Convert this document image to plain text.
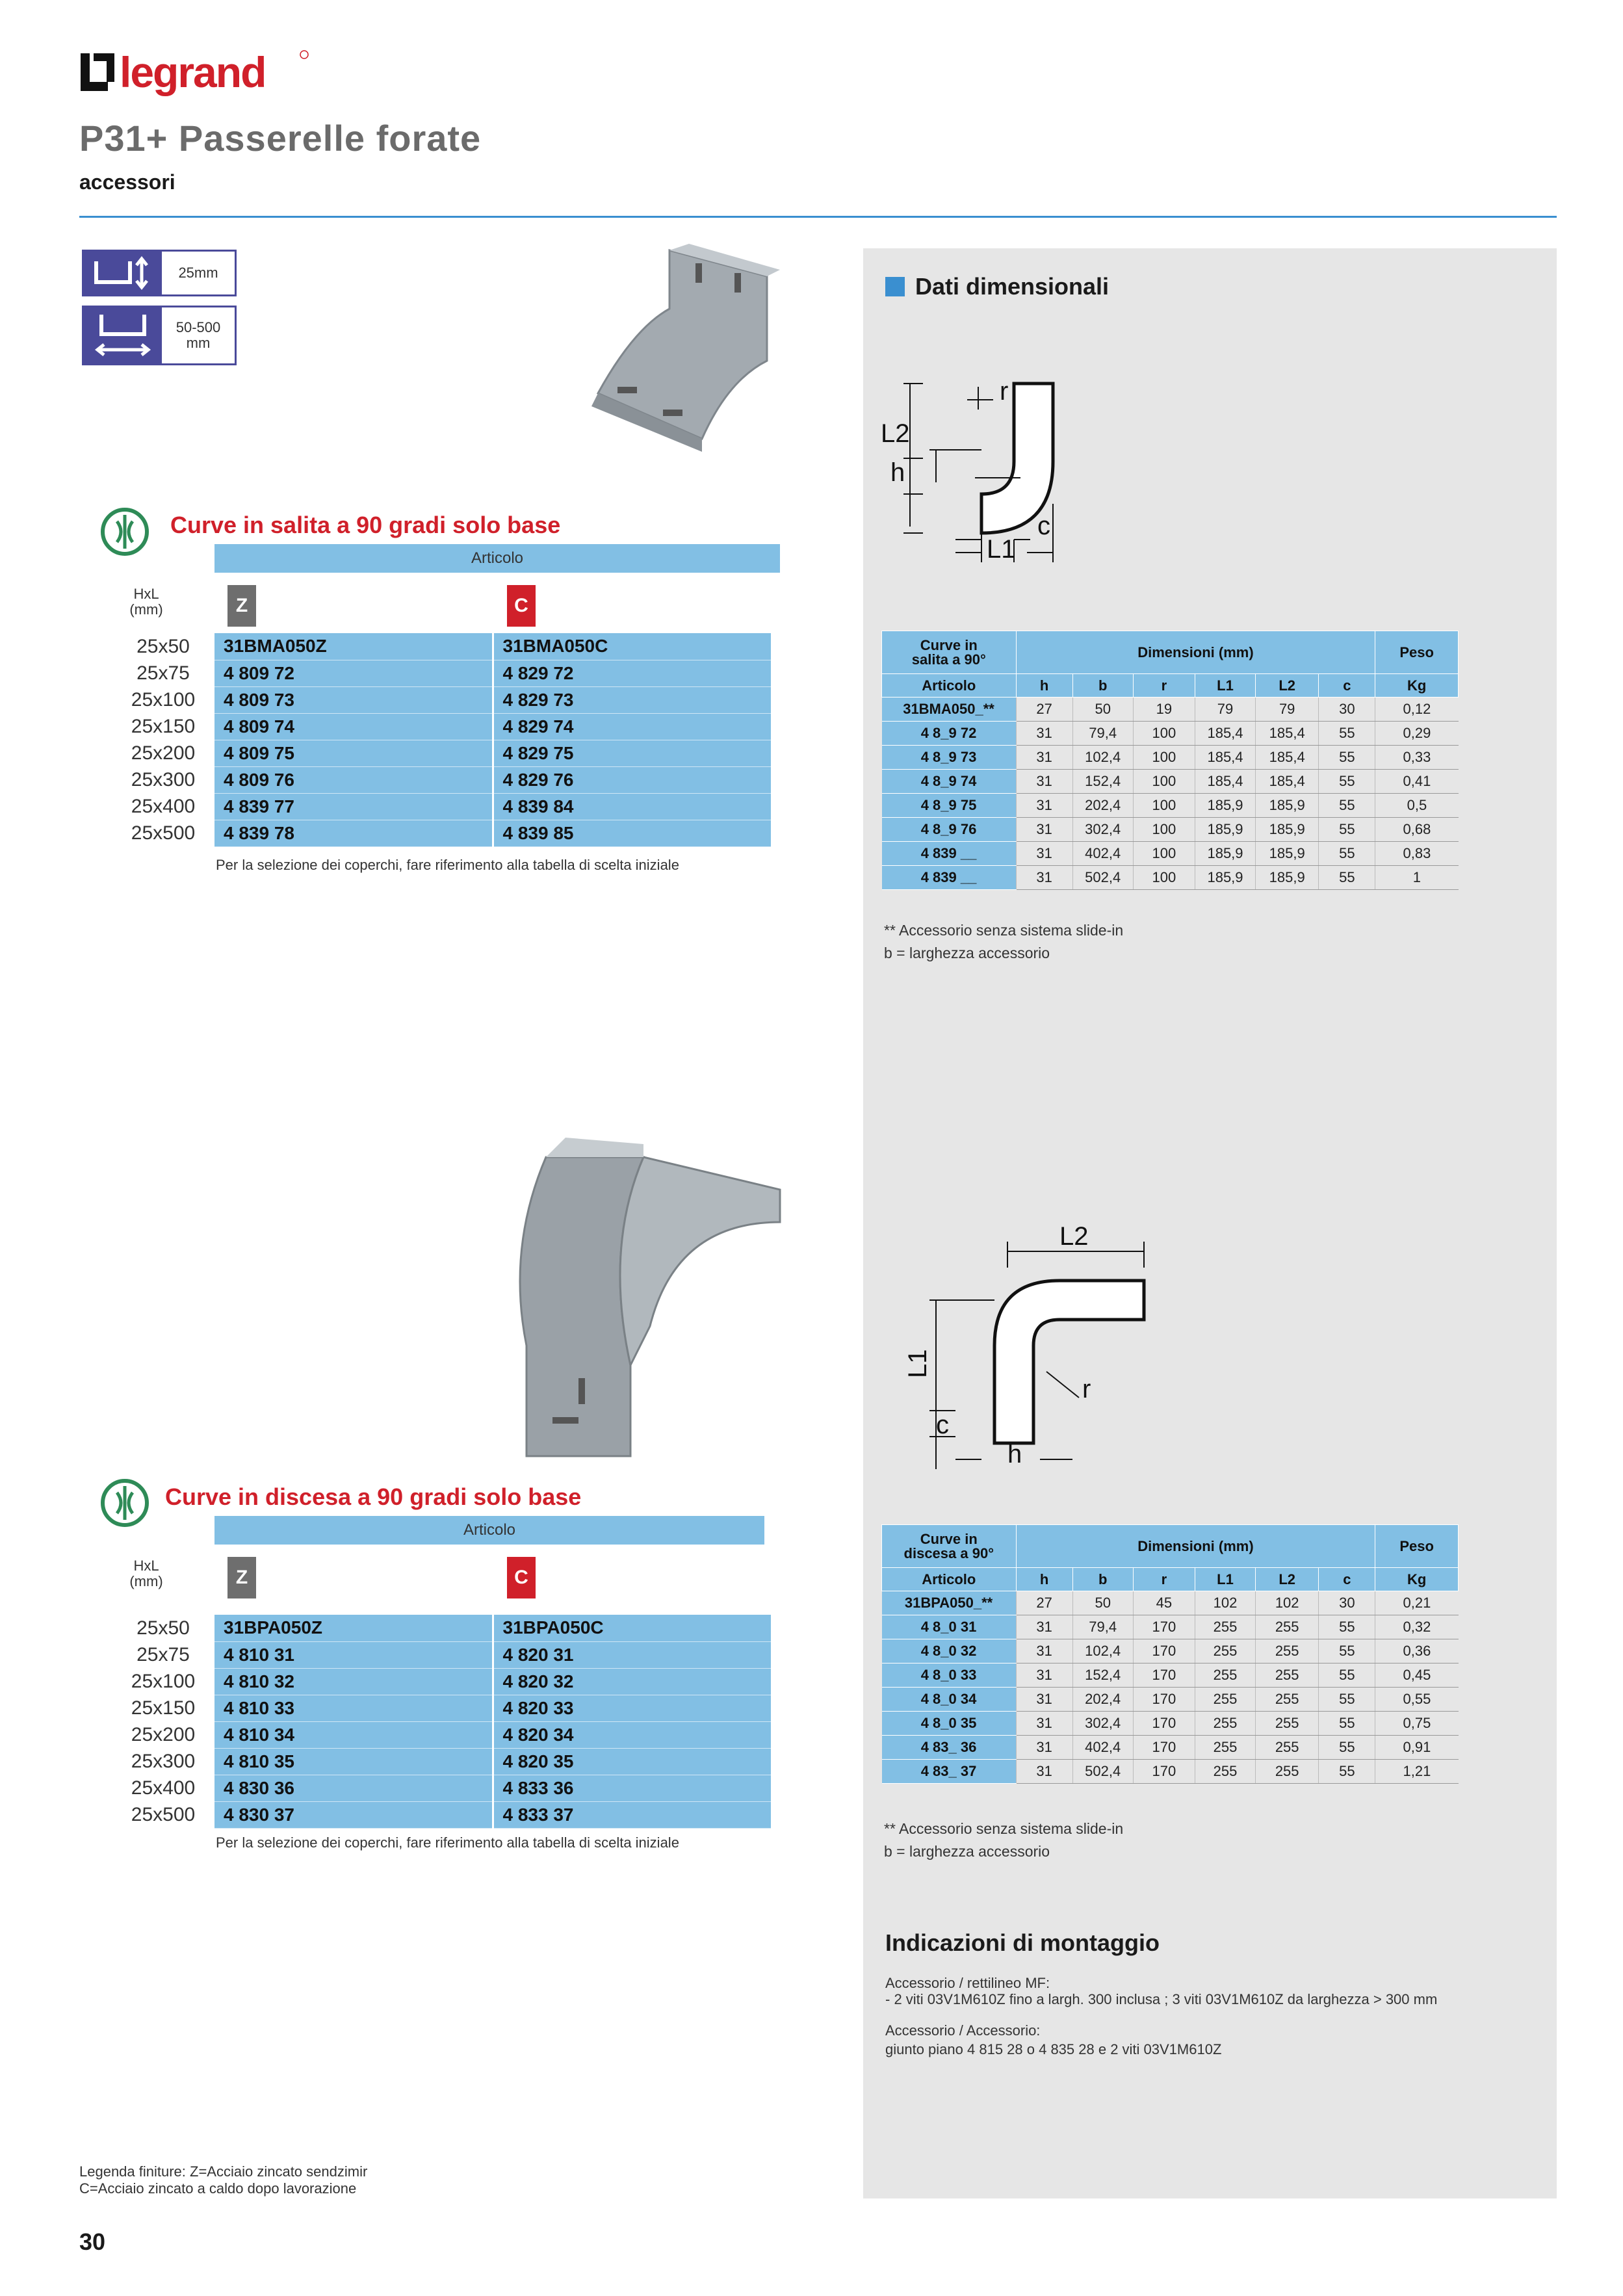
legrand
P31+ Passerelle forate
accessori
25mm
50-500
mm
Curve in salita a 90 gradi solo base
Articolo
HxL
(mm)	Z	C
25x50	31BMA050Z	31BMA050C
25x75	4 809 72	4 829 72
25x100	4 809 73	4 829 73
25x150	4 809 74	4 829 74
25x200	4 809 75	4 829 75
25x300	4 809 76	4 829 76
25x400	4 839 77	4 839 84
25x500	4 839 78	4 839 85
Per la selezione dei coperchi, fare riferimento alla tabella di scelta iniziale
Curve in discesa a 90 gradi solo base
Articolo
HxL
(mm)	Z	C
25x50	31BPA050Z	31BPA050C
25x75	4 810 31	4 820 31
25x100	4 810 32	4 820 32
25x150	4 810 33	4 820 33
25x200	4 810 34	4 820 34
25x300	4 810 35	4 820 35
25x400	4 830 36	4 833 36
25x500	4 830 37	4 833 37
Per la selezione dei coperchi, fare riferimento alla tabella di scelta iniziale
Dati dimensionali
r
L2
h
c
L1
Curve in
salita a 90°	Dimensioni (mm)						Peso
Articolo	h	b	r	L1	L2	c	Kg
31BMA050_**	27	50	19	79	79	30	0,12
4 8_9 72	31	79,4	100	185,4	185,4	55	0,29
4 8_9 73	31	102,4	100	185,4	185,4	55	0,33
4 8_9 74	31	152,4	100	185,4	185,4	55	0,41
4 8_9 75	31	202,4	100	185,9	185,9	55	0,5
4 8_9 76	31	302,4	100	185,9	185,9	55	0,68
4 839 __	31	402,4	100	185,9	185,9	55	0,83
4 839 __	31	502,4	100	185,9	185,9	55	1
** Accessorio senza sistema slide-in
b = larghezza accessorio
L2
L1
r
c
h
Curve in
discesa a 90°	Dimensioni (mm)						Peso
Articolo	h	b	r	L1	L2	c	Kg
31BPA050_**	27	50	45	102	102	30	0,21
4 8_0 31	31	79,4	170	255	255	55	0,32
4 8_0 32	31	102,4	170	255	255	55	0,36
4 8_0 33	31	152,4	170	255	255	55	0,45
4 8_0 34	31	202,4	170	255	255	55	0,55
4 8_0 35	31	302,4	170	255	255	55	0,75
4 83_ 36	31	402,4	170	255	255	55	0,91
4 83_ 37	31	502,4	170	255	255	55	1,21
** Accessorio senza sistema slide-in
b = larghezza accessorio
Indicazioni di montaggio
Accessorio / rettilineo MF:
- 2 viti 03V1M610Z fino a largh. 300 inclusa ; 3 viti 03V1M610Z da larghezza > 300 mm
Accessorio / Accessorio:
giunto piano 4 815 28 o 4 835 28 e 2 viti 03V1M610Z
Legenda finiture: Z=Acciaio zincato sendzimir
C=Acciaio zincato a caldo dopo lavorazione
30
